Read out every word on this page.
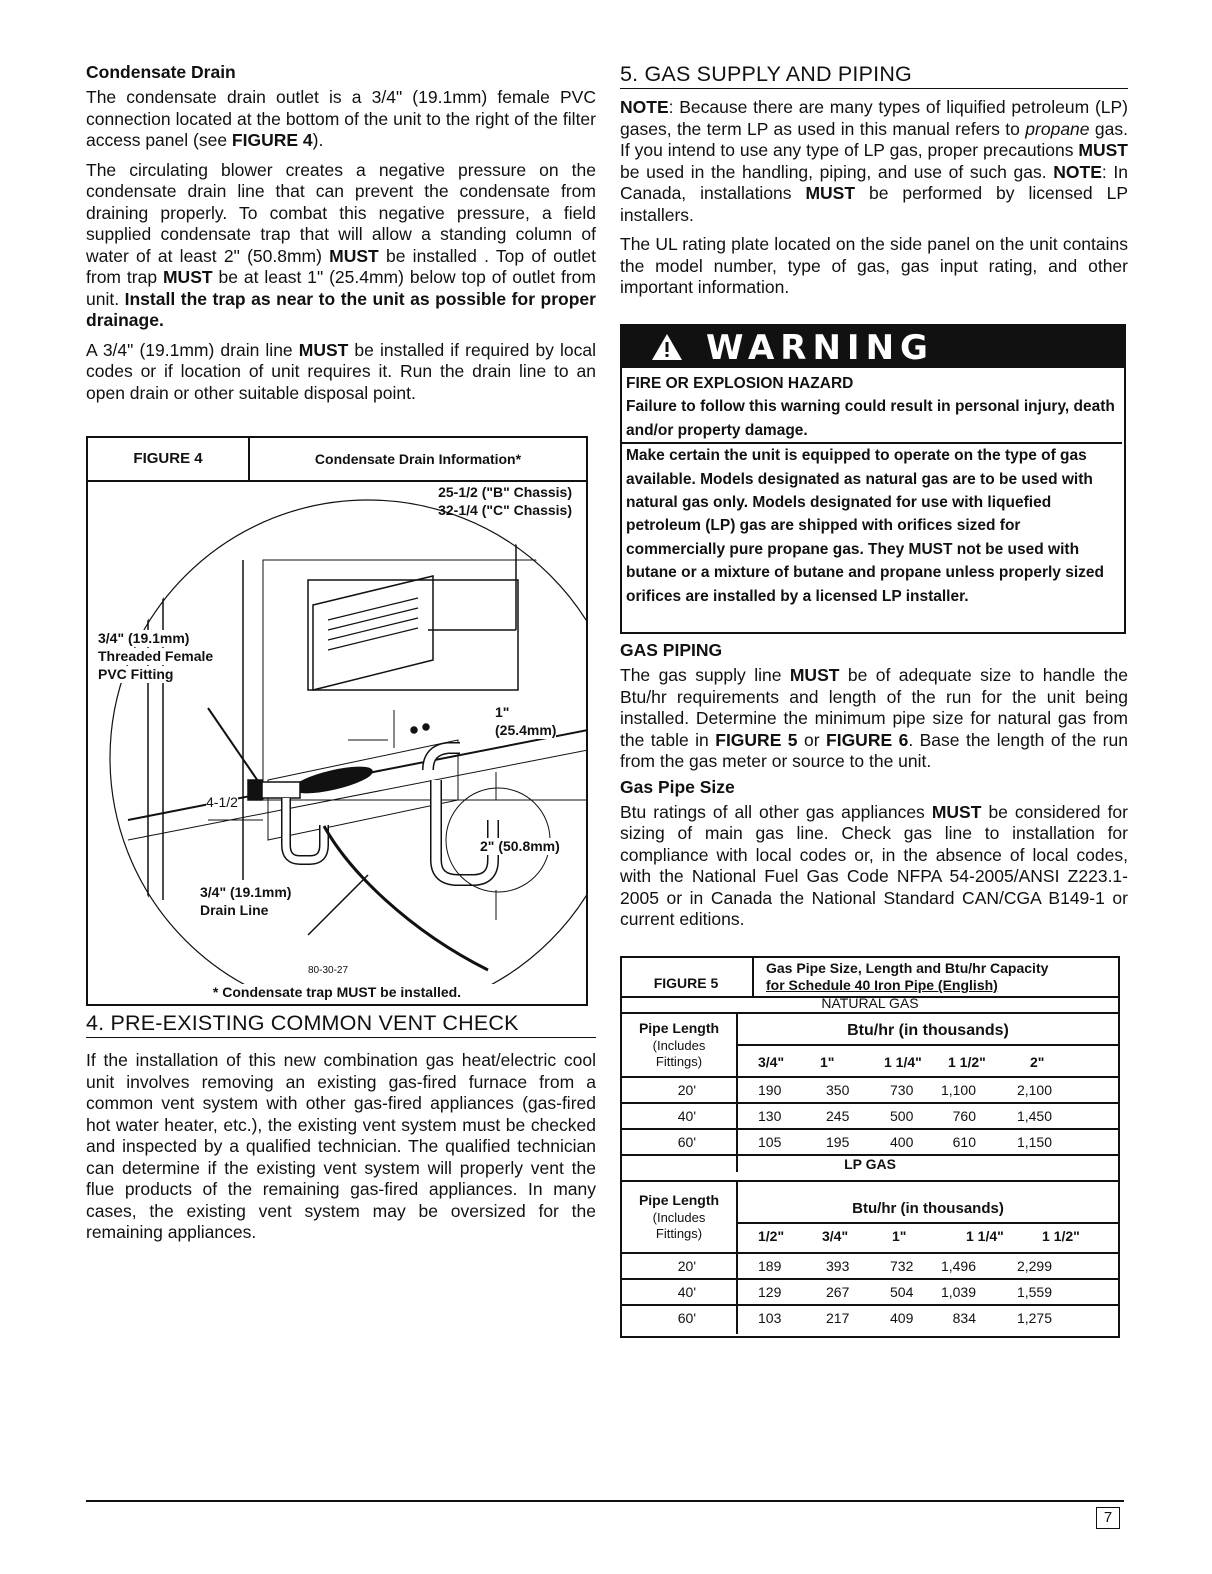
Condensate Drain

The condensate drain outlet is a 3/4" (19.1mm) female PVC connection located at the bottom of the unit to the right of the filter access panel (see FIGURE 4).

The circulating blower creates a negative pressure on the condensate drain line that can prevent the condensate from draining properly. To combat this negative pressure, a field supplied condensate trap that will allow a standing column of water of at least 2" (50.8mm) MUST be installed . Top of outlet from trap MUST be at least 1" (25.4mm) below top of outlet from unit. Install the trap as near to the unit as possible for proper drainage.

A 3/4" (19.1mm) drain line MUST be installed if required by local codes or if location of unit requires it. Run the drain line to an open drain or other suitable disposal point.

FIGURE 4	Condensate Drain Information*
25-1/2 ("B" Chassis)
32-1/4 ("C" Chassis)
3/4" (19.1mm)
Threaded Female
PVC Fitting
1"
(25.4mm)
2" (50.8mm)
4-1/2
3/4" (19.1mm)
Drain Line
80-30-27
* Condensate trap MUST be installed.
4. PRE-EXISTING COMMON VENT CHECK

If the installation of this new combination gas heat/electric cool unit involves removing an existing gas-fired furnace from a common vent system with other gas-fired appliances (gas-fired hot water heater, etc.), the existing vent system must be checked and inspected by a qualified technician. The qualified technician can determine if the existing vent system will properly vent the flue products of the remaining gas-fired appliances. In many cases, the existing vent system may be oversized for the remaining appliances.

5. GAS SUPPLY AND PIPING

NOTE: Because there are many types of liquified petroleum (LP) gases, the term LP as used in this manual refers to propane gas. If you intend to use any type of LP gas, proper precautions MUST be used in the handling, piping, and use of such gas. NOTE: In Canada, installations MUST be performed by licensed LP installers.

The UL rating plate located on the side panel on the unit contains the model number, type of gas, gas input rating, and other important information.

WARNING
FIRE OR EXPLOSION HAZARD
Failure to follow this warning could result in personal injury, death and/or property damage.
Make certain the unit is equipped to operate on the type of gas available. Models designated as natural gas are to be used with natural gas only. Models designated for use with liquefied petroleum (LP) gas are shipped with orifices sized for commercially pure propane gas. They MUST not be used with butane or a mixture of butane and propane unless properly sized orifices are installed by a licensed LP installer.
GAS PIPING

The gas supply line MUST be of adequate size to handle the Btu/hr requirements and length of the run for the unit being installed. Determine the minimum pipe size for natural gas from the table in FIGURE 5 or FIGURE 6. Base the length of the run from the gas meter or source to the unit.

Gas Pipe Size

Btu ratings of all other gas appliances MUST be considered for sizing of main gas line. Check gas line to installation for compliance with local codes or, in the absence of local codes, with the National Fuel Gas Code NFPA 54-2005/ANSI Z223.1-2005 or in Canada the National Standard CAN/CGA B149-1 or current editions.

FIGURE 5
Gas Pipe Size, Length and Btu/hr Capacity
for Schedule 40 Iron Pipe (English)
NATURAL GAS
Pipe Length
(Includes
Fittings)
Btu/hr (in thousands)
LP GAS
Pipe Length
(Includes
Fittings)
Btu/hr (in thousands)
3/4"	1"	1 1/4" 1 1/2"	2"
20'	190	350	730	1,100	2,100
40'	130	245	500	760	1,450
60'	105	195	400	610	1,150
1/2"	3/4"	1"	1 1/4"	1 1/2"
20'	189	393	732	1,496	2,299
40'	129	267	504	1,039	1,559
60'	103	217	409	834	1,275
7
